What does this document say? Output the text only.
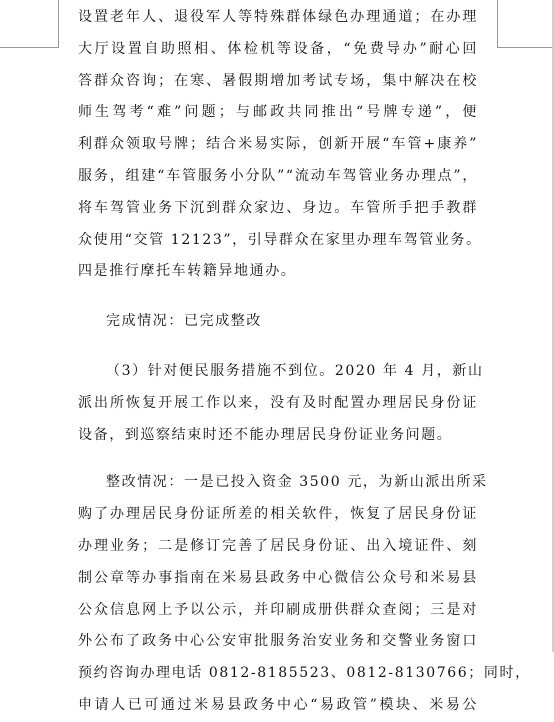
设置老年人、退役军人等特殊群体绿色办理通道；在办理
大厅设置自助照相、体检机等设备，“免费导办”耐心回
答群众咨询；在寒、暑假期增加考试专场，集中解决在校
师生驾考“难”问题；与邮政共同推出“号牌专递”，便
利群众领取号牌；结合米易实际，创新开展“车管+康养”
服务，组建“车管服务小分队”“流动车驾管业务办理点”，
将车驾管业务下沉到群众家边、身边。车管所手把手教群
众使用“交管 12123”，引导群众在家里办理车驾管业务。
四是推行摩托车转籍异地通办。
完成情况：已完成整改
（3）针对便民服务措施不到位。2020 年 4 月，新山
派出所恢复开展工作以来，没有及时配置办理居民身份证
设备，到巡察结束时还不能办理居民身份证业务问题。
整改情况：一是已投入资金 3500 元，为新山派出所采
购了办理居民身份证所差的相关软件，恢复了居民身份证
办理业务；二是修订完善了居民身份证、出入境证件、刻
制公章等办事指南在米易县政务中心微信公众号和米易县
公众信息网上予以公示，并印刷成册供群众查阅；三是对
外公布了政务中心公安审批服务治安业务和交警业务窗口
预约咨询办理电话 0812-8185523、0812-8130766；同时，
申请人已可通过米易县政务中心“易政管”模块、米易公
